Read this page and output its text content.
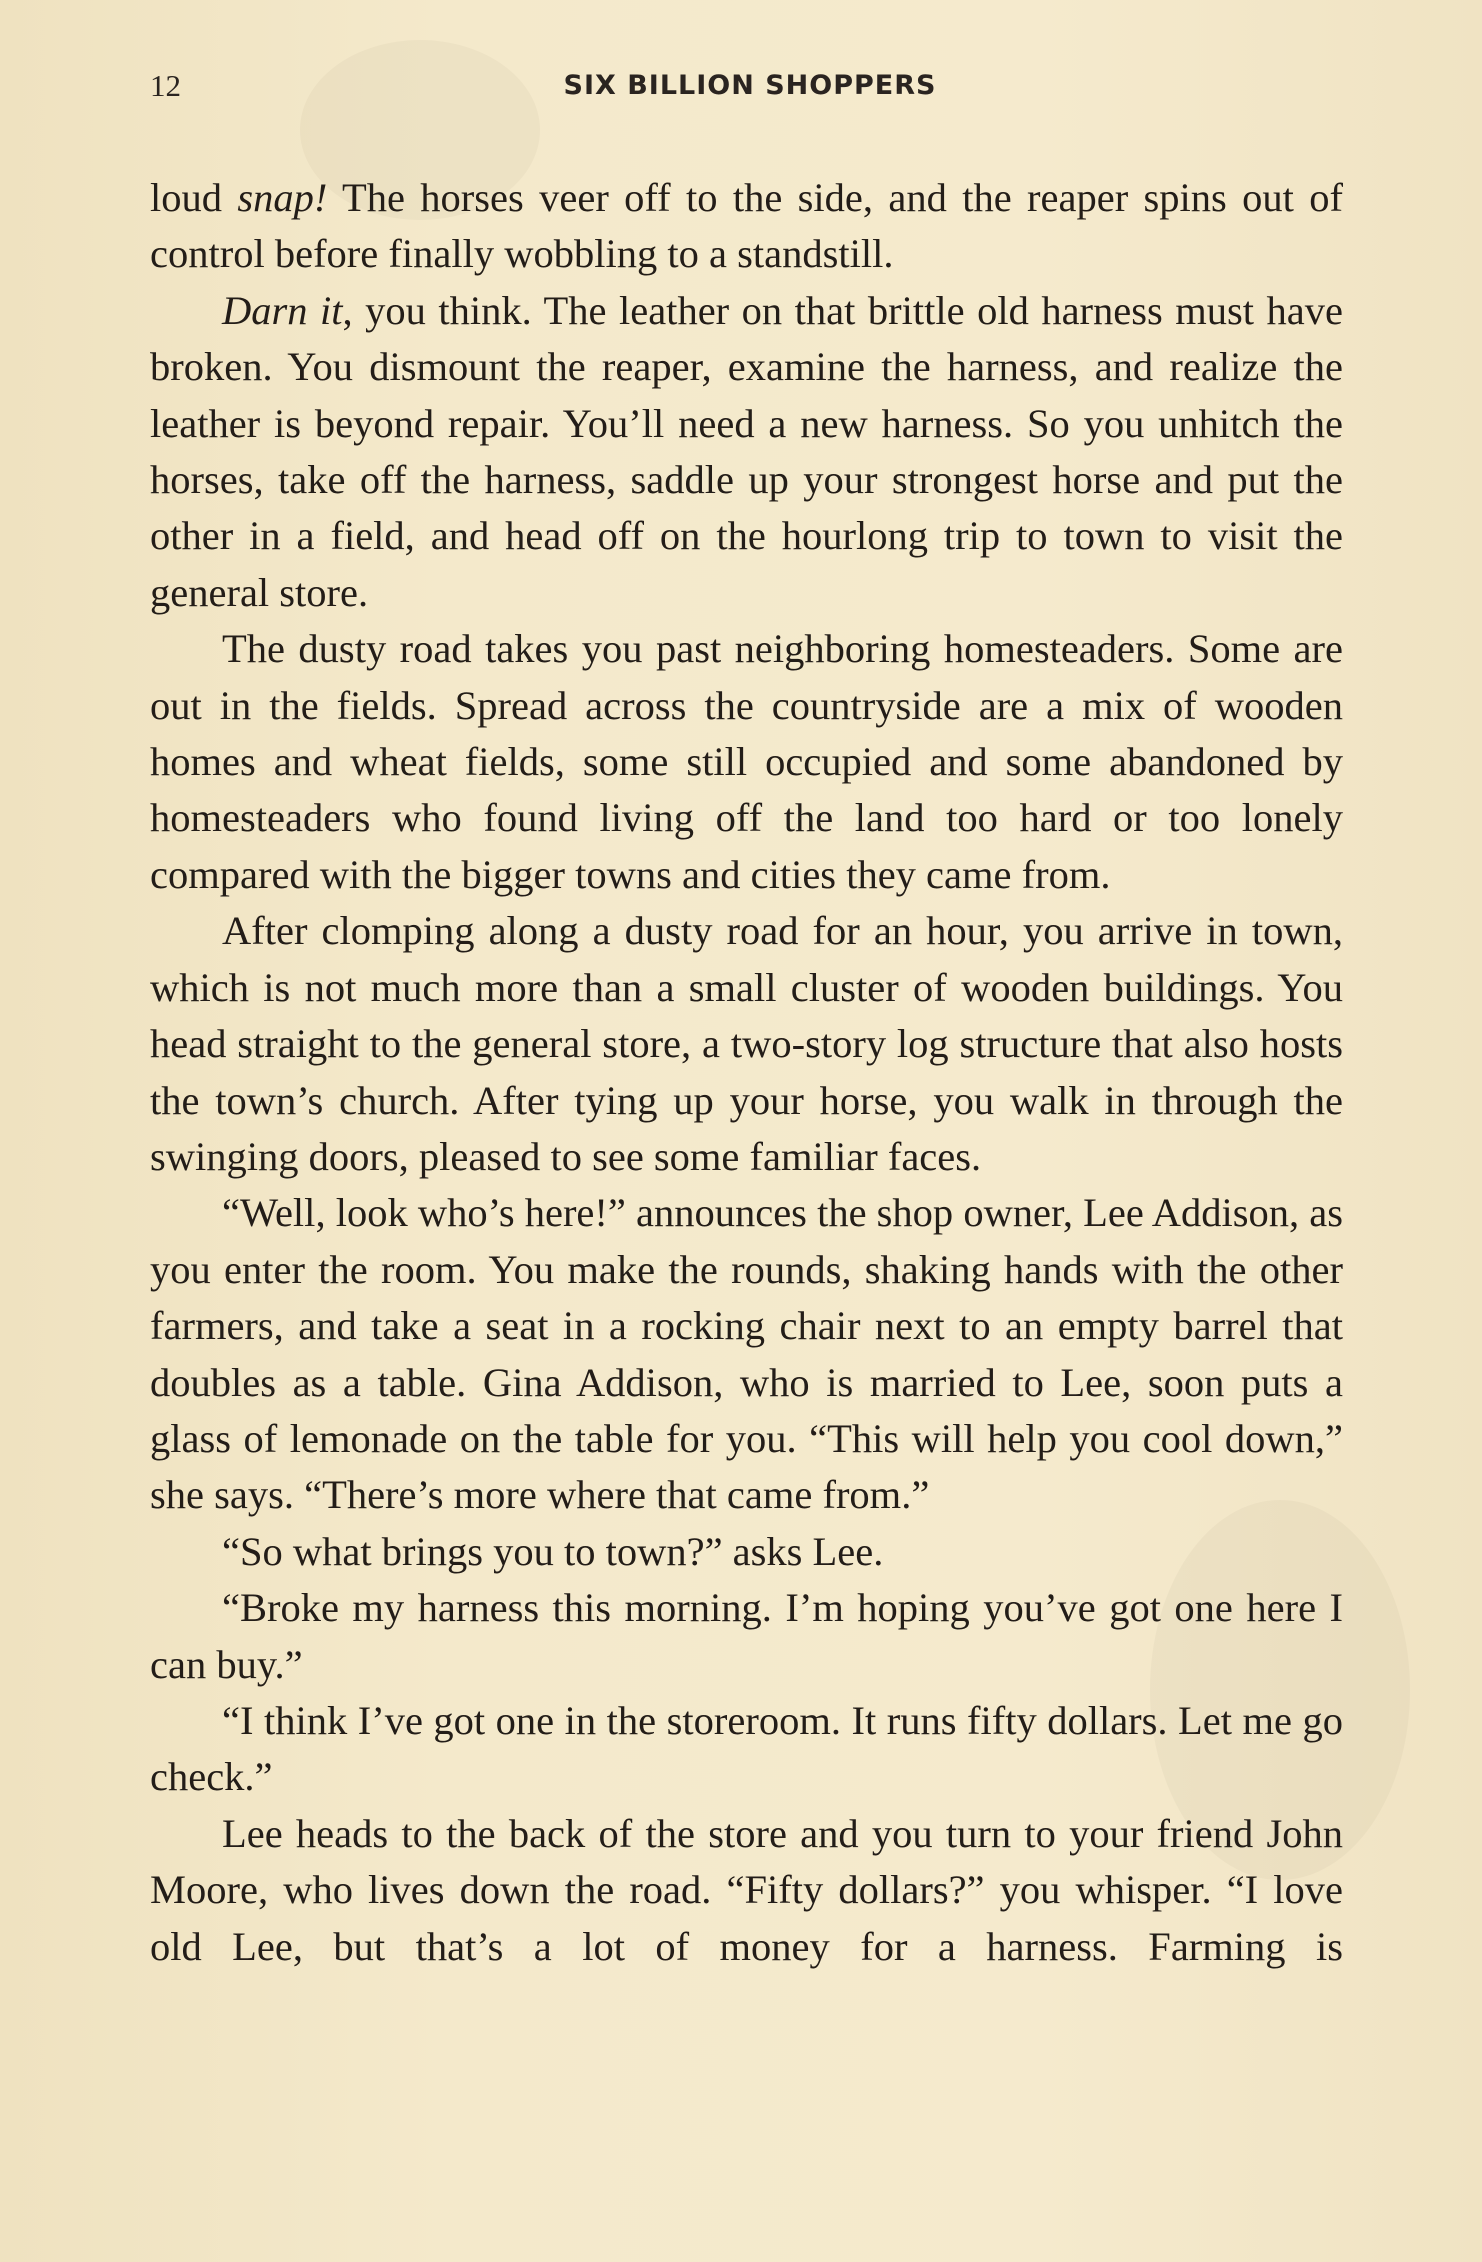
12	SIX BILLION SHOPPERS

loud snap! The horses veer off to the side, and the reaper spins out of control before finally wobbling to a standstill.

Darn it, you think. The leather on that brittle old harness must have broken. You dismount the reaper, examine the harness, and realize the leather is beyond repair. You’ll need a new harness. So you unhitch the horses, take off the harness, saddle up your strongest horse and put the other in a field, and head off on the hourlong trip to town to visit the general store.

The dusty road takes you past neighboring homesteaders. Some are out in the fields. Spread across the countryside are a mix of wooden homes and wheat fields, some still occupied and some abandoned by homesteaders who found living off the land too hard or too lonely compared with the bigger towns and cities they came from.

After clomping along a dusty road for an hour, you arrive in town, which is not much more than a small cluster of wooden buildings. You head straight to the general store, a two-story log structure that also hosts the town’s church. After tying up your horse, you walk in through the swinging doors, pleased to see some familiar faces.

“Well, look who’s here!” announces the shop owner, Lee Addison, as you enter the room. You make the rounds, shaking hands with the other farmers, and take a seat in a rocking chair next to an empty barrel that doubles as a table. Gina Addison, who is married to Lee, soon puts a glass of lemonade on the table for you. “This will help you cool down,” she says. “There’s more where that came from.”

“So what brings you to town?” asks Lee.

“Broke my harness this morning. I’m hoping you’ve got one here I can buy.”

“I think I’ve got one in the storeroom. It runs fifty dollars. Let me go check.”

Lee heads to the back of the store and you turn to your friend John Moore, who lives down the road. “Fifty dollars?” you whisper. “I love old Lee, but that’s a lot of money for a harness. Farming is
